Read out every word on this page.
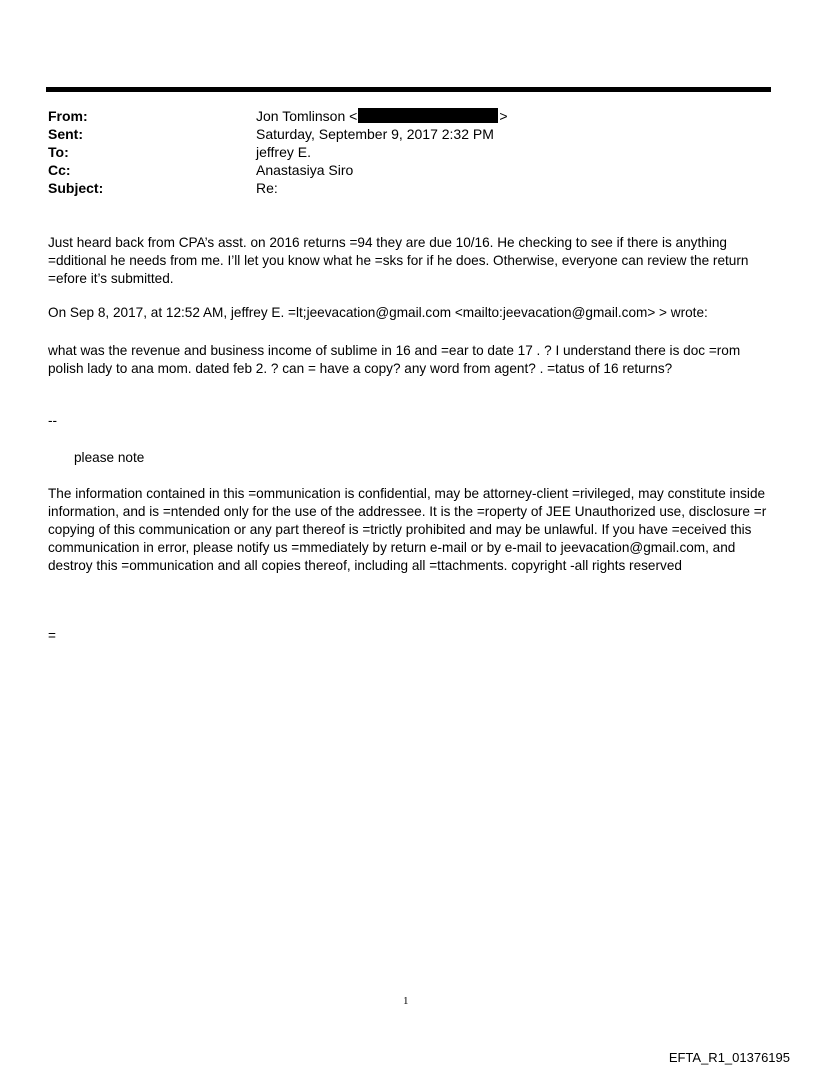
From:	Jon Tomlinson <	>
Sent:	Saturday, September 9, 2017 2:32 PM
To:	jeffrey E.
Cc:	Anastasiya Siro
Subject:	Re:

Just heard back from CPA’s asst. on 2016 returns =94 they are due 10/16. He checking to see if there is anything =dditional he needs from me. I’ll let you know what he =sks for if he does. Otherwise, everyone can review the return =efore it’s submitted.

On Sep 8, 2017, at 12:52 AM, jeffrey E. =lt;jeevacation@gmail.com <mailto:jeevacation@gmail.com> > wrote:

what was the revenue and business income of sublime in 16 and =ear to date 17 . ? I understand there is doc =rom polish lady to ana mom. dated feb 2. ? can = have a copy? any word from agent? . =tatus of 16 returns?

--

please note

The information contained in this =ommunication is confidential, may be attorney-client =rivileged, may constitute inside information, and is =ntended only for the use of the addressee. It is the =roperty of JEE Unauthorized use, disclosure =r copying of this communication or any part thereof is =trictly prohibited and may be unlawful. If you have =eceived this communication in error, please notify us =mmediately by return e-mail or by e-mail to jeevacation@gmail.com, and destroy this =ommunication and all copies thereof, including all =ttachments. copyright -all rights reserved

=

1
EFTA_R1_01376195
